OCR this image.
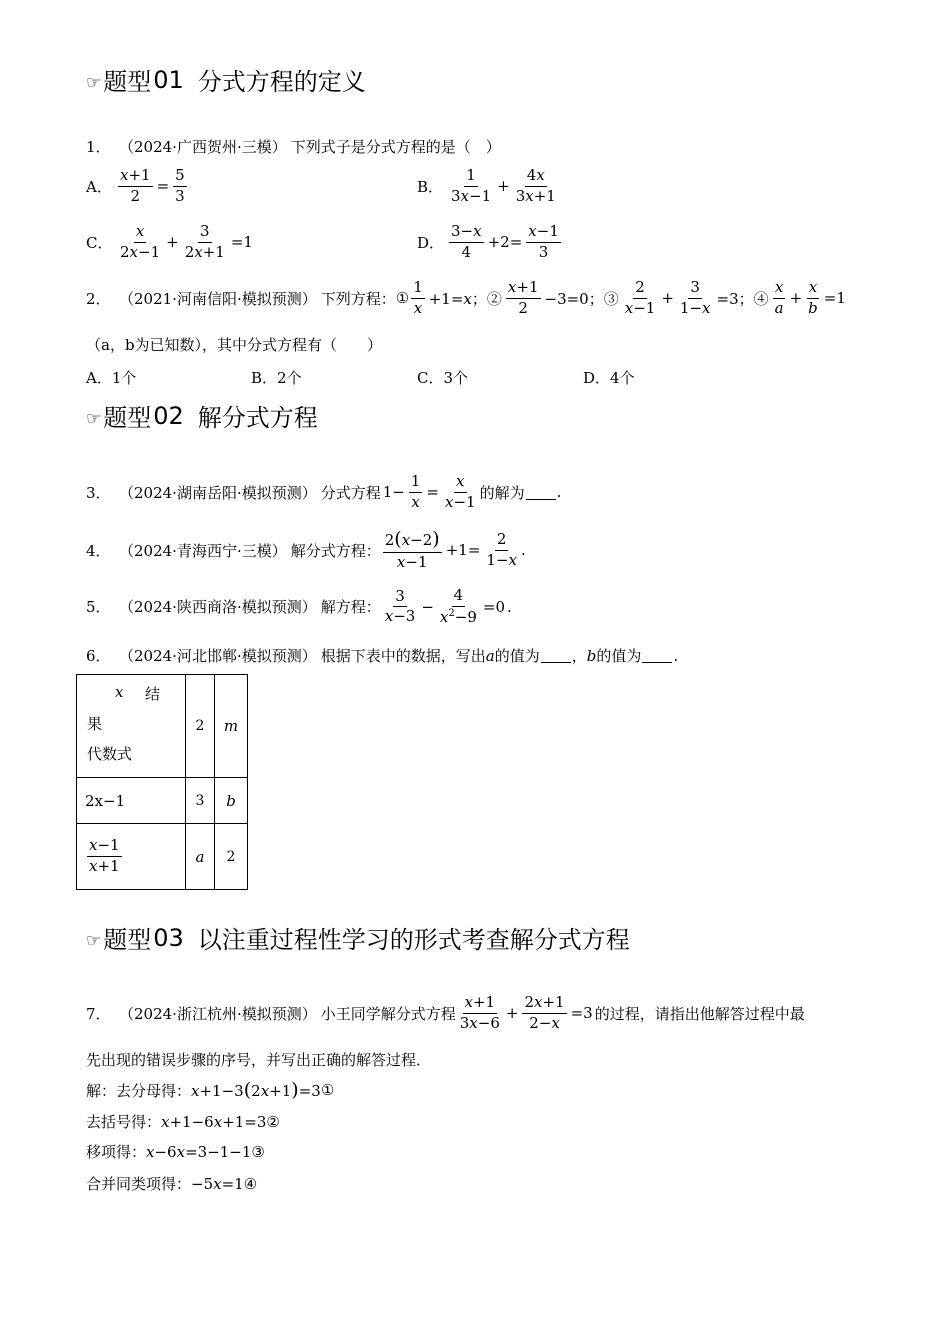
☞ 题型 01 分式方程的定义
1． （2024·广西贺州·三模） 下列式子是分式方程的是（　）
A． $\frac{x+1}{2} = \frac{5}{3}$	B． $\frac{1}{3x-1} + \frac{4x}{3x+1}$
C． $\frac{x}{2x-1} + \frac{3}{2x+1} =1$	D． $\frac{3-x}{4} +2= \frac{x-1}{3}$
2． （2021·河南信阳·模拟预测） 下列方程： ① $\frac{1}{x} +1=x$；② $\frac{x+1}{2} -3=0$；③ $\frac{2}{x-1} + \frac{3}{1-x} =3$；④ $\frac{x}{a} + \frac{x}{b} =1$
（a，b为已知数），其中分式方程有（　　）
A．1个	B．2个	C．3个	D．4个
☞ 题型 02 解分式方程
3． （2024·湖南岳阳·模拟预测） 分式方程 $1- \frac{1}{x} = \frac{x}{x-1}$ 的解为 .
4． （2024·青海西宁·三模） 解分式方程： $\frac{2(x-2)}{x-1} +1= \frac{2}{1-x}$ .
5． （2024·陕西商洛·模拟预测） 解方程： $\frac{3}{x-3} - \frac{4}{x^2-9} =0$ .
6． （2024·河北邯郸·模拟预测） 根据下表中的数据，写出 a 的值为 ， b 的值为 .
x 结
果
代数式	2	m
2x−1	3	b

$\frac{x-1}{x+1}$	a	2
☞ 题型 03 以注重过程性学习的形式考查解分式方程
7． （2024·浙江杭州·模拟预测） 小王同学解分式方程 $\frac{x+1}{3x-6} + \frac{2x+1}{2-x} =3$ 的过程，请指出他解答过程中最
先出现的错误步骤的序号，并写出正确的解答过程．
解：去分母得： x+1−3(2x+1)=3 ①
去括号得： x+1−6x+1=3 ②
移项得： x−6x=3−1−1 ③
合并同类项得： −5x=1 ④
